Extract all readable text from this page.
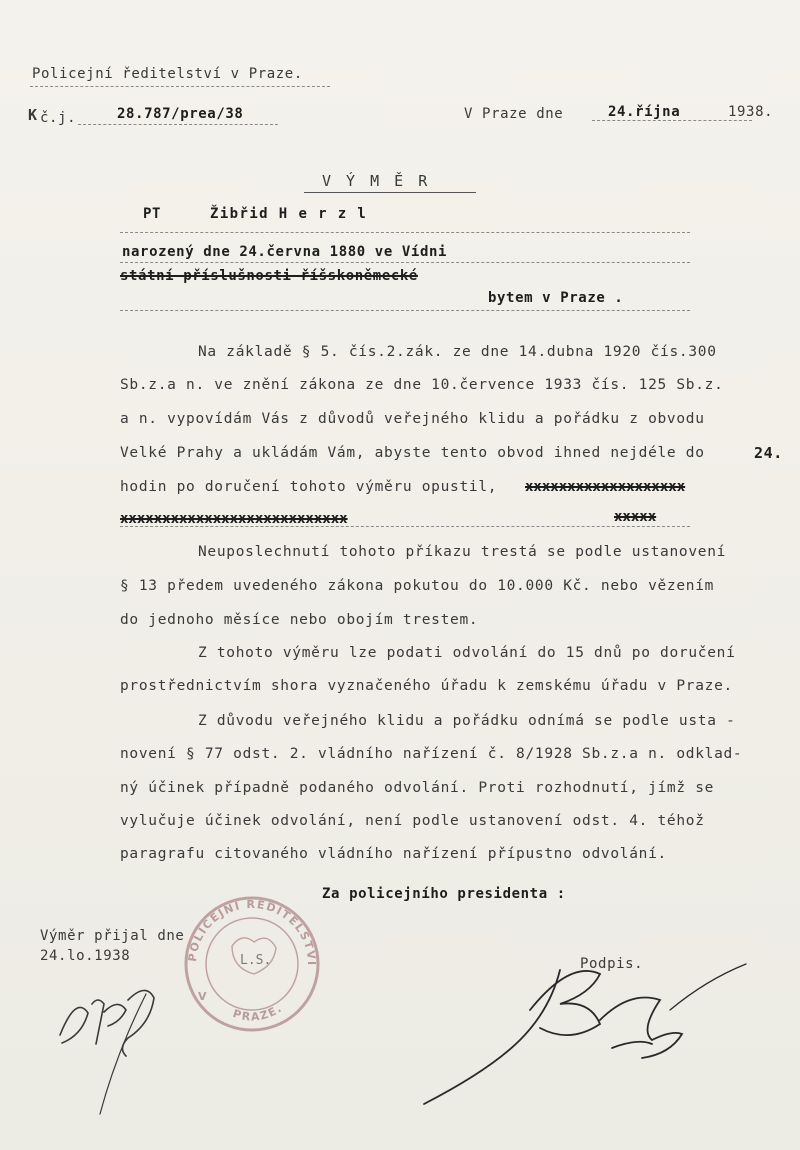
Policejní ředitelství v Praze.
K č.j.	28.787/prea/38	V Praze dne	24.října	1938.
V Ý M Ě R
PT	Žibřid H e r z l
narozený dne 24.června 1880 ve Vídni
státní příslušnosti říšskoněmecké
bytem v Praze .
Na základě § 5. čís.2.zák. ze dne 14.dubna 1920 čís.300
Sb.z.a n. ve znění zákona ze dne 10.července 1933 čís. 125 Sb.z.
a n. vypovídám Vás z důvodů veřejného klidu a pořádku z obvodu
Velké Prahy a ukládám Vám, abyste tento obvod ihned nejdéle do	24.
hodin po doručení tohoto výměru opustil,	xxxxxxxxxxxxxxxxxxx
xxxxxxxxxxxxxxxxxxxxxxxxxxx	xxxxx
Neuposlechnutí tohoto příkazu trestá se podle ustanovení
§ 13 předem uvedeného zákona pokutou do 10.000 Kč. nebo vězením
do jednoho měsíce nebo obojím trestem.
Z tohoto výměru lze podati odvolání do 15 dnů po doručení
prostřednictvím shora vyznačeného úřadu k zemskému úřadu v Praze.
Z důvodu veřejného klidu a pořádku odnímá se podle usta -
novení § 77 odst. 2. vládního nařízení č. 8/1928 Sb.z.a n. odklad-
ný účinek případně podaného odvolání. Proti rozhodnutí, jímž se
vylučuje účinek odvolání, není podle ustanovení odst. 4. téhož
paragrafu citovaného vládního nařízení přípustno odvolání.
Za policejního presidenta :
Výměr přijal dne
24.lo.1938	Podpis.
POLICEJNÍ ŘEDITELSTVÍ
PRAZE.
V
L.S.
